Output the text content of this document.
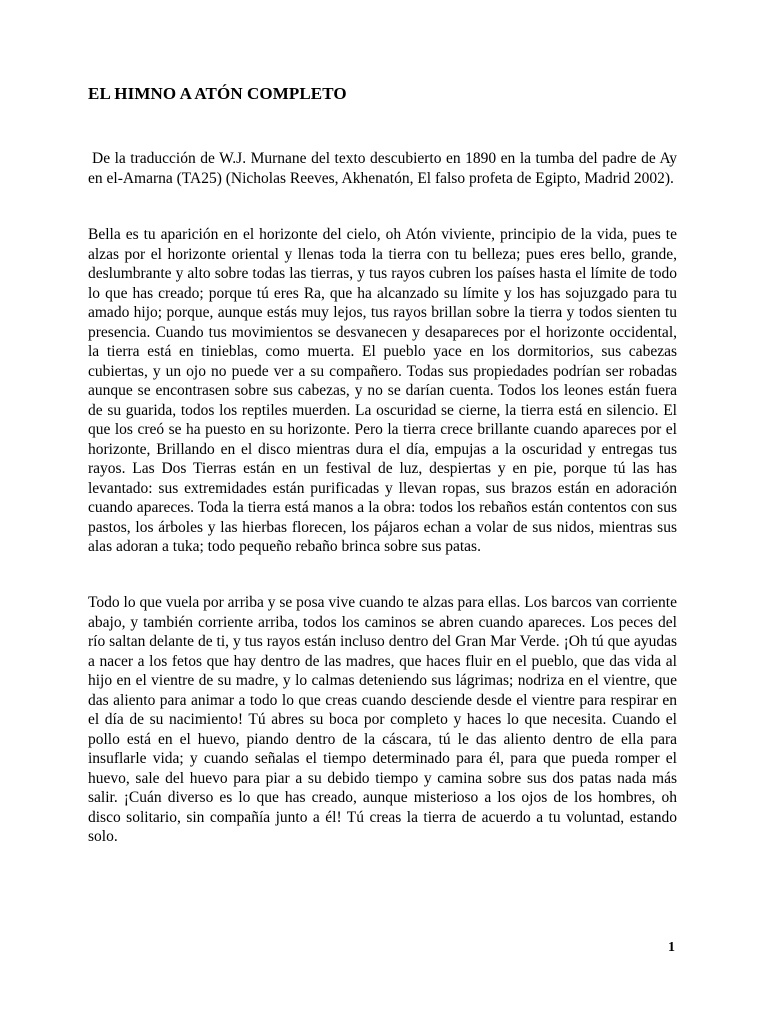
EL HIMNO A ATÓN COMPLETO

De la traducción de W.J. Murnane del texto descubierto en 1890 en la tumba del padre de Ay en el-Amarna (TA25) (Nicholas Reeves, Akhenatón, El falso profeta de Egipto, Madrid 2002).

Bella es tu aparición en el horizonte del cielo, oh Atón viviente, principio de la vida, pues te alzas por el horizonte oriental y llenas toda la tierra con tu belleza; pues eres bello, grande, deslumbrante y alto sobre todas las tierras, y tus rayos cubren los países hasta el límite de todo lo que has creado; porque tú eres Ra, que ha alcanzado su límite y los has sojuzgado para tu amado hijo; porque, aunque estás muy lejos, tus rayos brillan sobre la tierra y todos sienten tu presencia. Cuando tus movimientos se desvanecen y desapareces por el horizonte occidental, la tierra está en tinieblas, como muerta. El pueblo yace en los dormitorios, sus cabezas cubiertas, y un ojo no puede ver a su compañero. Todas sus propiedades podrían ser robadas aunque se encontrasen sobre sus cabezas, y no se darían cuenta. Todos los leones están fuera de su guarida, todos los reptiles muerden. La oscuridad se cierne, la tierra está en silencio. El que los creó se ha puesto en su horizonte. Pero la tierra crece brillante cuando apareces por el horizonte, Brillando en el disco mientras dura el día, empujas a la oscuridad y entregas tus rayos. Las Dos Tierras están en un festival de luz, despiertas y en pie, porque tú las has levantado: sus extremidades están purificadas y llevan ropas, sus brazos están en adoración cuando apareces. Toda la tierra está manos a la obra: todos los rebaños están contentos con sus pastos, los árboles y las hierbas florecen, los pájaros echan a volar de sus nidos, mientras sus alas adoran a tuka; todo pequeño rebaño brinca sobre sus patas.

Todo lo que vuela por arriba y se posa vive cuando te alzas para ellas. Los barcos van corriente abajo, y también corriente arriba, todos los caminos se abren cuando apareces. Los peces del río saltan delante de ti, y tus rayos están incluso dentro del Gran Mar Verde. ¡Oh tú que ayudas a nacer a los fetos que hay dentro de las madres, que haces fluir en el pueblo, que das vida al hijo en el vientre de su madre, y lo calmas deteniendo sus lágrimas; nodriza en el vientre, que das aliento para animar a todo lo que creas cuando desciende desde el vientre para respirar en el día de su nacimiento! Tú abres su boca por completo y haces lo que necesita. Cuando el pollo está en el huevo, piando dentro de la cáscara, tú le das aliento dentro de ella para insuflarle vida; y cuando señalas el tiempo determinado para él, para que pueda romper el huevo, sale del huevo para piar a su debido tiempo y camina sobre sus dos patas nada más salir. ¡Cuán diverso es lo que has creado, aunque misterioso a los ojos de los hombres, oh disco solitario, sin compañía junto a él! Tú creas la tierra de acuerdo a tu voluntad, estando solo.

1
